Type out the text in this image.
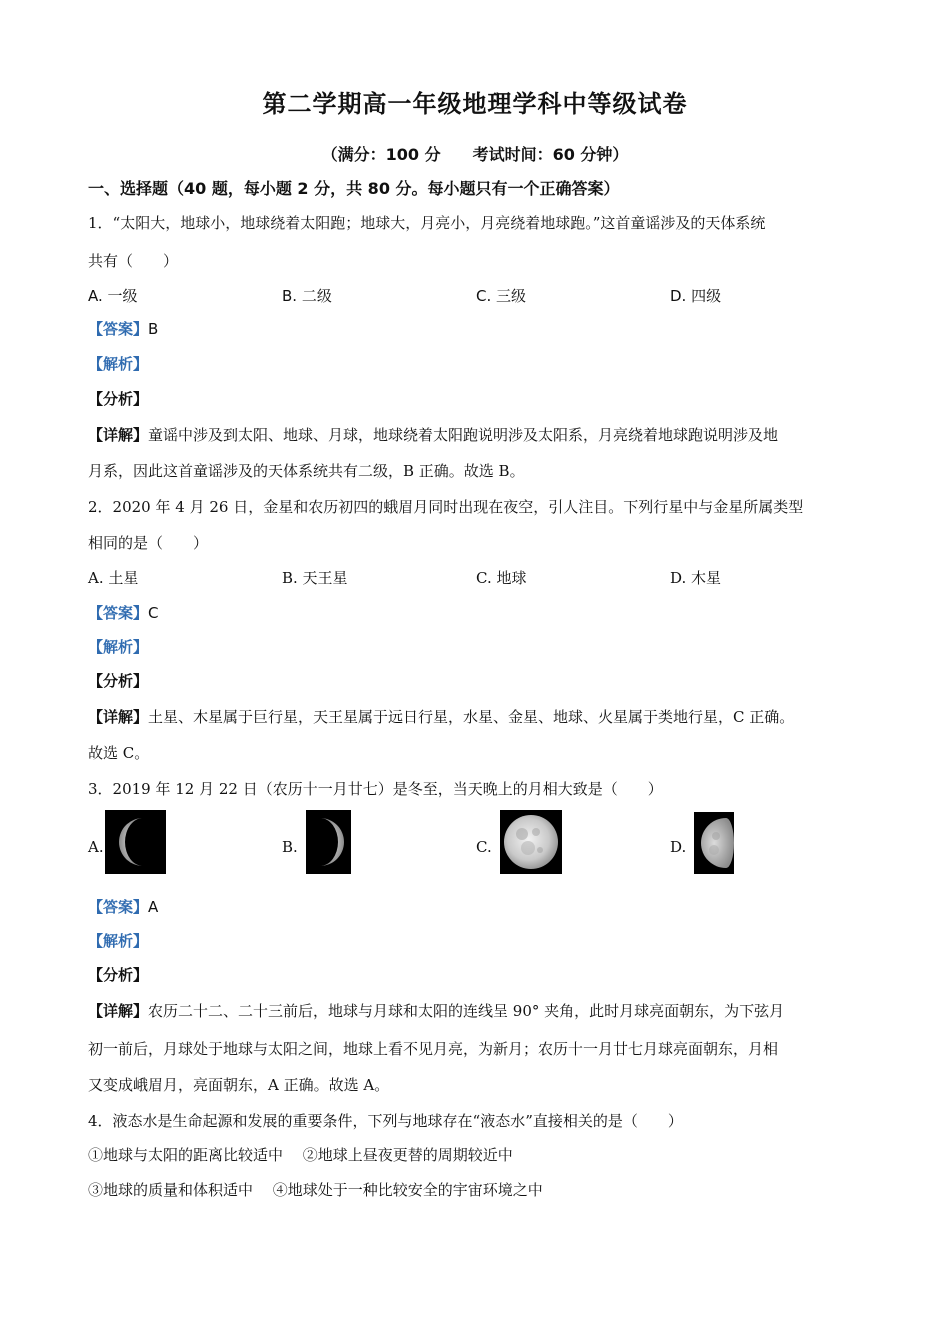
第二学期高一年级地理学科中等级试卷
（满分：100 分　　考试时间：60 分钟）
一、选择题（40 题，每小题 2 分，共 80 分。每小题只有一个正确答案）
1．“太阳大，地球小，地球绕着太阳跑；地球大，月亮小，月亮绕着地球跑。”这首童谣涉及的天体系统
共有（　　）
A. 一级	B. 二级	C. 三级	D. 四级
【答案】B
【解析】
【分析】
【详解】童谣中涉及到太阳、地球、月球，地球绕着太阳跑说明涉及太阳系，月亮绕着地球跑说明涉及地
月系，因此这首童谣涉及的天体系统共有二级，B 正确。故选 B。
2．2020 年 4 月 26 日，金星和农历初四的蛾眉月同时出现在夜空，引人注目。下列行星中与金星所属类型
相同的是（　　）
A. 土星	B. 天王星	C. 地球	D. 木星
【答案】C
【解析】
【分析】
【详解】土星、木星属于巨行星，天王星属于远日行星，水星、金星、地球、火星属于类地行星，C 正确。
故选 C。
3．2019 年 12 月 22 日（农历十一月廿七）是冬至，当天晚上的月相大致是（　　）
A.	B.	C.	D.
【答案】A
【解析】
【分析】
【详解】农历二十二、二十三前后，地球与月球和太阳的连线呈 90° 夹角，此时月球亮面朝东，为下弦月
初一前后，月球处于地球与太阳之间，地球上看不见月亮，为新月；农历十一月廿七月球亮面朝东，月相
又变成峨眉月，亮面朝东，A 正确。故选 A。
4．液态水是生命起源和发展的重要条件，下列与地球存在“液态水”直接相关的是（　　）
①地球与太阳的距离比较适中　 ②地球上昼夜更替的周期较近中
③地球的质量和体积适中　 ④地球处于一种比较安全的宇宙环境之中
